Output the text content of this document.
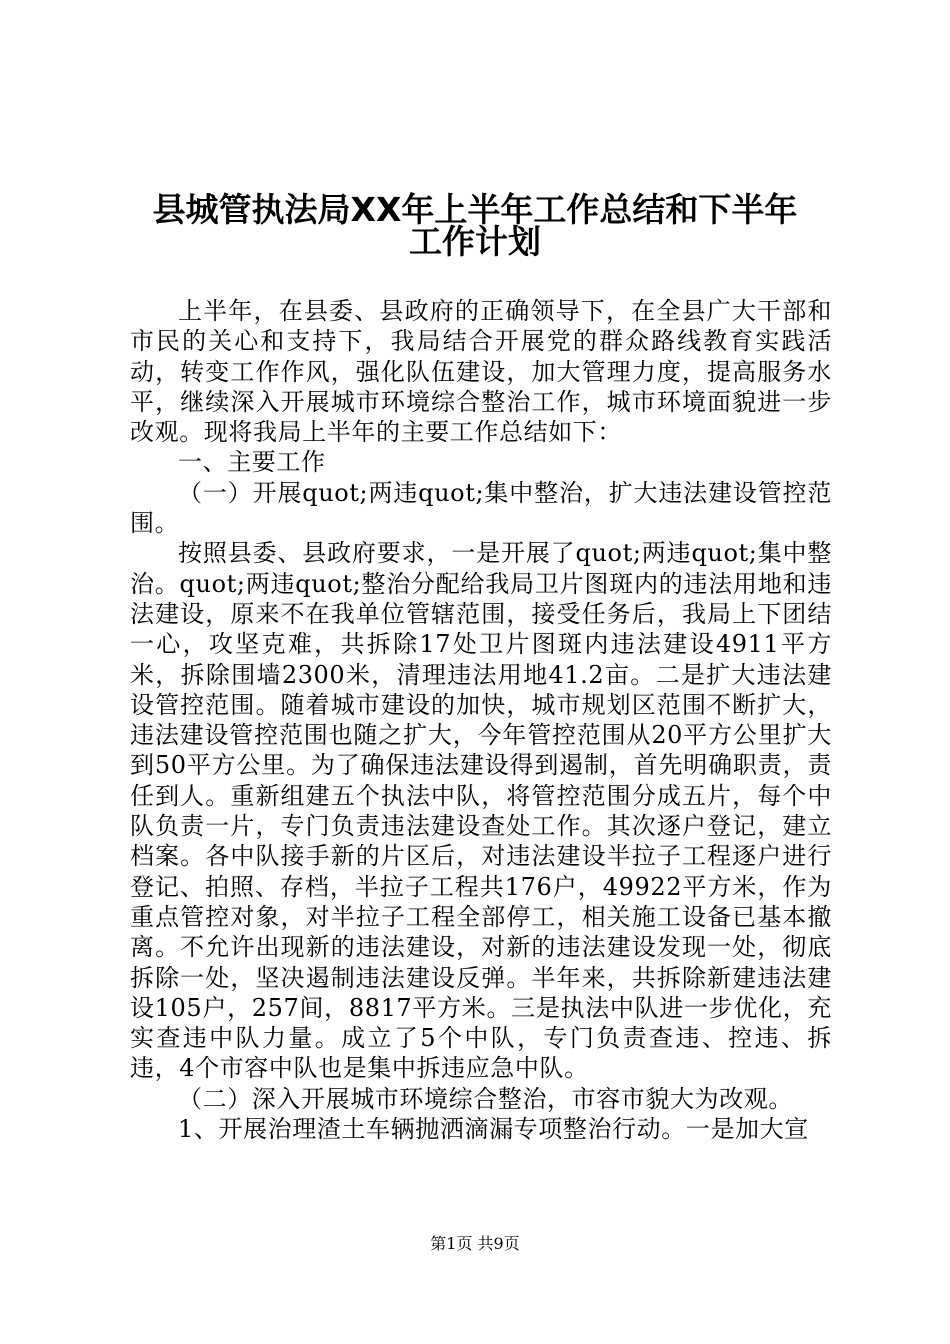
县城管执法局XX年上半年工作总结和下半年
工作计划

上半年，在县委、县政府的正确领导下，在全县广大干部和市民的关心和支持下，我局结合开展党的群众路线教育实践活动，转变工作作风，强化队伍建设，加大管理力度，提高服务水平，继续深入开展城市环境综合整治工作，城市环境面貌进一步改观。现将我局上半年的主要工作总结如下：

一、主要工作

（一）开展quot;两违quot;集中整治，扩大违法建设管控范围。

按照县委、县政府要求，一是开展了quot;两违quot;集中整治。quot;两违quot;整治分配给我局卫片图斑内的违法用地和违法建设，原来不在我单位管辖范围，接受任务后，我局上下团结一心，攻坚克难，共拆除17处卫片图斑内违法建设4911平方米，拆除围墙2300米，清理违法用地41.2亩。二是扩大违法建设管控范围。随着城市建设的加快，城市规划区范围不断扩大，违法建设管控范围也随之扩大，今年管控范围从20平方公里扩大到50平方公里。为了确保违法建设得到遏制，首先明确职责，责任到人。重新组建五个执法中队，将管控范围分成五片，每个中队负责一片，专门负责违法建设查处工作。其次逐户登记，建立档案。各中队接手新的片区后，对违法建设半拉子工程逐户进行登记、拍照、存档，半拉子工程共176户，49922平方米，作为重点管控对象，对半拉子工程全部停工，相关施工设备已基本撤离。不允许出现新的违法建设，对新的违法建设发现一处，彻底拆除一处，坚决遏制违法建设反弹。半年来，共拆除新建违法建设105户，257间，8817平方米。三是执法中队进一步优化，充实查违中队力量。成立了5个中队，专门负责查违、控违、拆违，4个市容中队也是集中拆违应急中队。

（二）深入开展城市环境综合整治，市容市貌大为改观。

1、开展治理渣土车辆抛洒滴漏专项整治行动。一是加大宣

第1页 共9页
